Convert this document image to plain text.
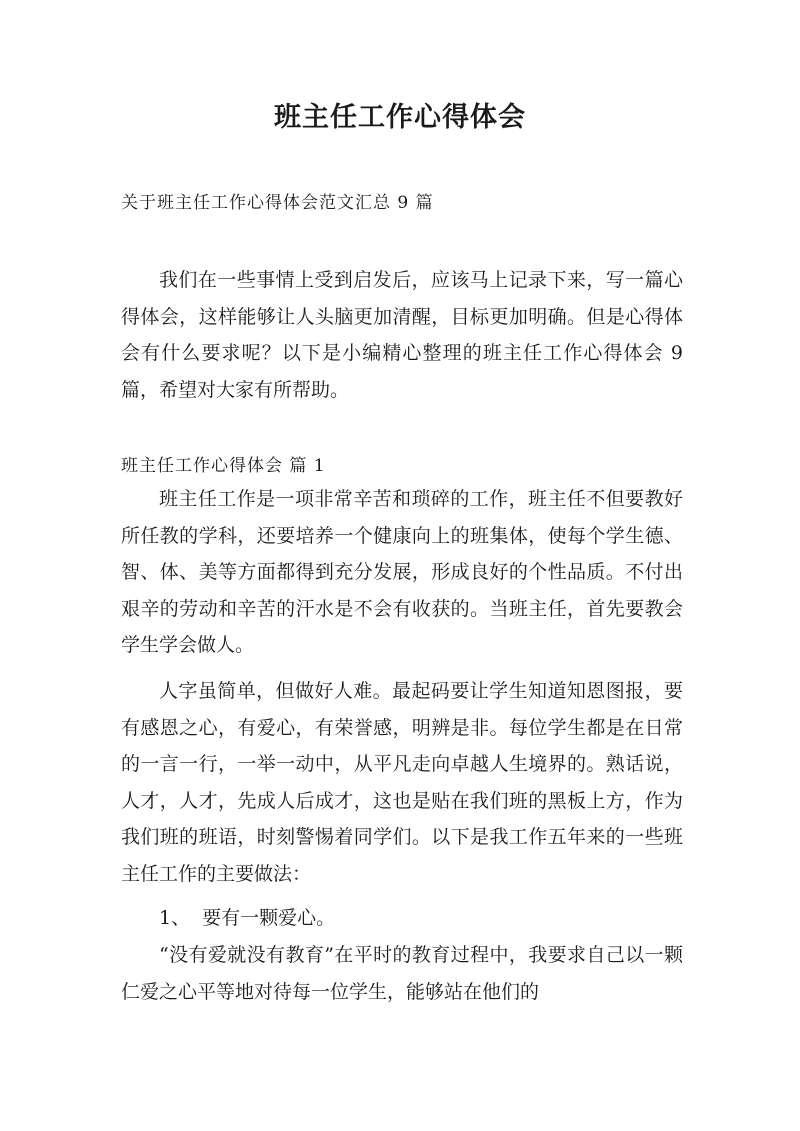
班主任工作心得体会

关于班主任工作心得体会范文汇总 9 篇

我们在一些事情上受到启发后，应该马上记录下来，写一篇心得体会，这样能够让人头脑更加清醒，目标更加明确。但是心得体会有什么要求呢？以下是小编精心整理的班主任工作心得体会 9 篇，希望对大家有所帮助。

班主任工作心得体会 篇 1

班主任工作是一项非常辛苦和琐碎的工作，班主任不但要教好所任教的学科，还要培养一个健康向上的班集体，使每个学生德、智、体、美等方面都得到充分发展，形成良好的个性品质。不付出艰辛的劳动和辛苦的汗水是不会有收获的。当班主任，首先要教会学生学会做人。

人字虽简单，但做好人难。最起码要让学生知道知恩图报，要有感恩之心，有爱心，有荣誉感，明辨是非。每位学生都是在日常的一言一行，一举一动中，从平凡走向卓越人生境界的。熟话说，人才，人才，先成人后成才，这也是贴在我们班的黑板上方，作为我们班的班语，时刻警惕着同学们。以下是我工作五年来的一些班主任工作的主要做法：

1、  要有一颗爱心。

“没有爱就没有教育”在平时的教育过程中，我要求自己以一颗仁爱之心平等地对待每一位学生，能够站在他们的
